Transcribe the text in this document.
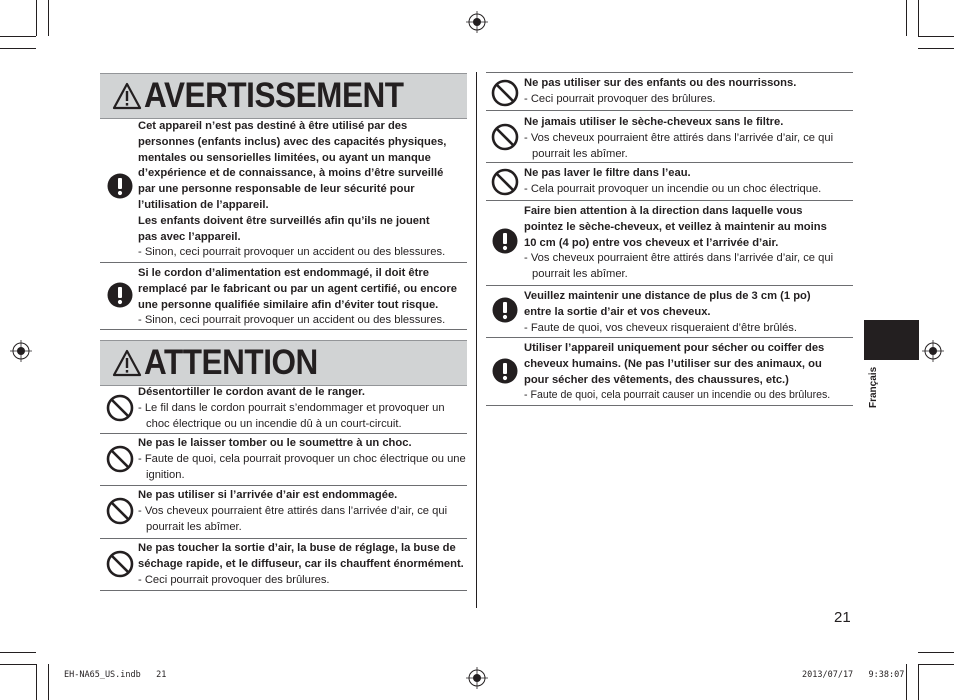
AVERTISSEMENT
Cet appareil n’est pas destiné à être utilisé par des
personnes (enfants inclus) avec des capacités physiques,
mentales ou sensorielles limitées, ou ayant un manque
d’expérience et de connaissance, à moins d’être surveillé
par une personne responsable de leur sécurité pour
l’utilisation de l’appareil.
Les enfants doivent être surveillés afin qu’ils ne jouent
pas avec l’appareil.
- Sinon, ceci pourrait provoquer un accident ou des blessures.
Si le cordon d’alimentation est endommagé, il doit être
remplacé par le fabricant ou par un agent certifié, ou encore
une personne qualifiée similaire afin d’éviter tout risque.
- Sinon, ceci pourrait provoquer un accident ou des blessures.
ATTENTION
Désentortiller le cordon avant de le ranger.
- Le fil dans le cordon pourrait s’endommager et provoquer un choc électrique ou un incendie dû à un court-circuit.
Ne pas le laisser tomber ou le soumettre à un choc.
- Faute de quoi, cela pourrait provoquer un choc électrique ou une ignition.
Ne pas utiliser si l’arrivée d’air est endommagée.
- Vos cheveux pourraient être attirés dans l’arrivée d’air, ce qui pourrait les abîmer.
Ne pas toucher la sortie d’air, la buse de réglage, la buse de
séchage rapide, et le diffuseur, car ils chauffent énormément.
- Ceci pourrait provoquer des brûlures.
Ne pas utiliser sur des enfants ou des nourrissons.
- Ceci pourrait provoquer des brûlures.
Ne jamais utiliser le sèche-cheveux sans le filtre.
- Vos cheveux pourraient être attirés dans l’arrivée d’air, ce qui pourrait les abîmer.
Ne pas laver le filtre dans l’eau.
- Cela pourrait provoquer un incendie ou un choc électrique.
Faire bien attention à la direction dans laquelle vous
pointez le sèche-cheveux, et veillez à maintenir au moins
10 cm (4 po) entre vos cheveux et l’arrivée d’air.
- Vos cheveux pourraient être attirés dans l’arrivée d’air, ce qui pourrait les abîmer.
Veuillez maintenir une distance de plus de 3 cm (1 po)
entre la sortie d’air et vos cheveux.
- Faute de quoi, vos cheveux risqueraient d’être brûlés.
Utiliser l’appareil uniquement pour sécher ou coiffer des
cheveux humains. (Ne pas l’utiliser sur des animaux, ou
pour sécher des vêtements, des chaussures, etc.)
- Faute de quoi, cela pourrait causer un incendie ou des brûlures.	Français
21
EH-NA65_US.indb   21	2013/07/17   9:38:07
